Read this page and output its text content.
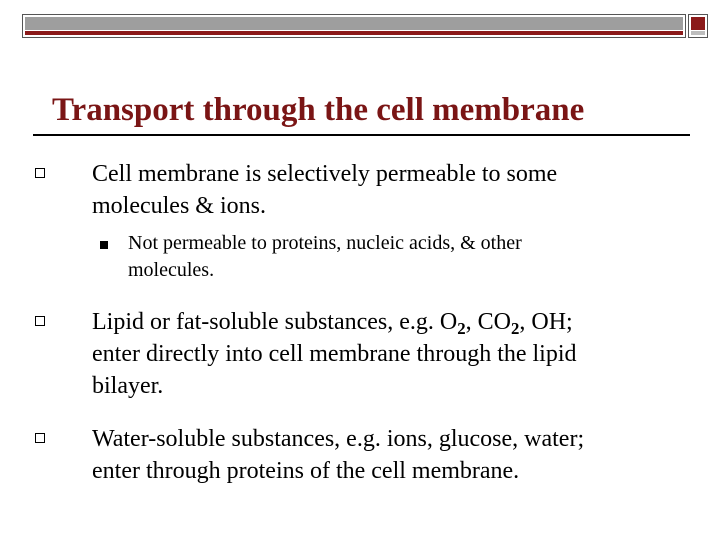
Transport through the cell membrane
Cell membrane is selectively permeable to some
molecules & ions.
Not permeable to proteins, nucleic acids, & other
molecules.
Lipid or fat-soluble substances, e.g. $O_2$, $CO_2$, OH;
enter directly into cell membrane through the lipid
bilayer.
Water-soluble substances, e.g. ions, glucose, water;
enter through proteins of the cell membrane.
